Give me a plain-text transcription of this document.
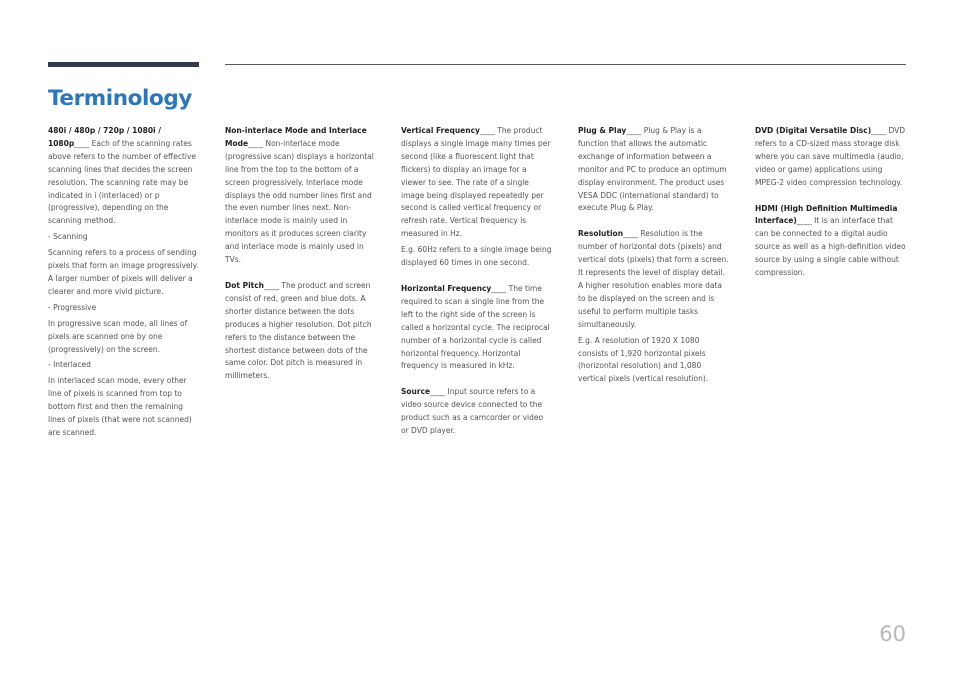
Terminology

480i / 480p / 720p / 1080i / 1080p____ Each of the scanning rates above refers to the number of effective scanning lines that decides the screen resolution. The scanning rate may be indicated in i (interlaced) or p (progressive), depending on the scanning method.

- Scanning

Scanning refers to a process of sending pixels that form an image progressively. A larger number of pixels will deliver a clearer and more vivid picture.

- Progressive

In progressive scan mode, all lines of pixels are scanned one by one (progressively) on the screen.

- Interlaced

In interlaced scan mode, every other line of pixels is scanned from top to bottom first and then the remaining lines of pixels (that were not scanned) are scanned.

Non-interlace Mode and Interlace Mode____ Non-interlace mode (progressive scan) displays a horizontal line from the top to the bottom of a screen progressively. Interlace mode displays the odd number lines first and the even number lines next. Non-interlace mode is mainly used in monitors as it produces screen clarity and interlace mode is mainly used in TVs.

Dot Pitch____ The product and screen consist of red, green and blue dots. A shorter distance between the dots produces a higher resolution. Dot pitch refers to the distance between the shortest distance between dots of the same color. Dot pitch is measured in millimeters.

Vertical Frequency____ The product displays a single image many times per second (like a fluorescent light that flickers) to display an image for a viewer to see. The rate of a single image being displayed repeatedly per second is called vertical frequency or refresh rate. Vertical frequency is measured in Hz.

E.g. 60Hz refers to a single image being displayed 60 times in one second.

Horizontal Frequency____ The time required to scan a single line from the left to the right side of the screen is called a horizontal cycle. The reciprocal number of a horizontal cycle is called horizontal frequency. Horizontal frequency is measured in kHz.

Source____ Input source refers to a video source device connected to the product such as a camcorder or video or DVD player.

Plug & Play____ Plug & Play is a function that allows the automatic exchange of information between a monitor and PC to produce an optimum display environment. The product uses VESA DDC (international standard) to execute Plug & Play.

Resolution____ Resolution is the number of horizontal dots (pixels) and vertical dots (pixels) that form a screen. It represents the level of display detail. A higher resolution enables more data to be displayed on the screen and is useful to perform multiple tasks simultaneously.

E.g. A resolution of 1920 X 1080 consists of 1,920 horizontal pixels (horizontal resolution) and 1,080 vertical pixels (vertical resolution).

DVD (Digital Versatile Disc)____ DVD refers to a CD-sized mass storage disk where you can save multimedia (audio, video or game) applications using MPEG-2 video compression technology.

HDMI (High Definition Multimedia Interface)____ It is an interface that can be connected to a digital audio source as well as a high-definition video source by using a single cable without compression.

60
